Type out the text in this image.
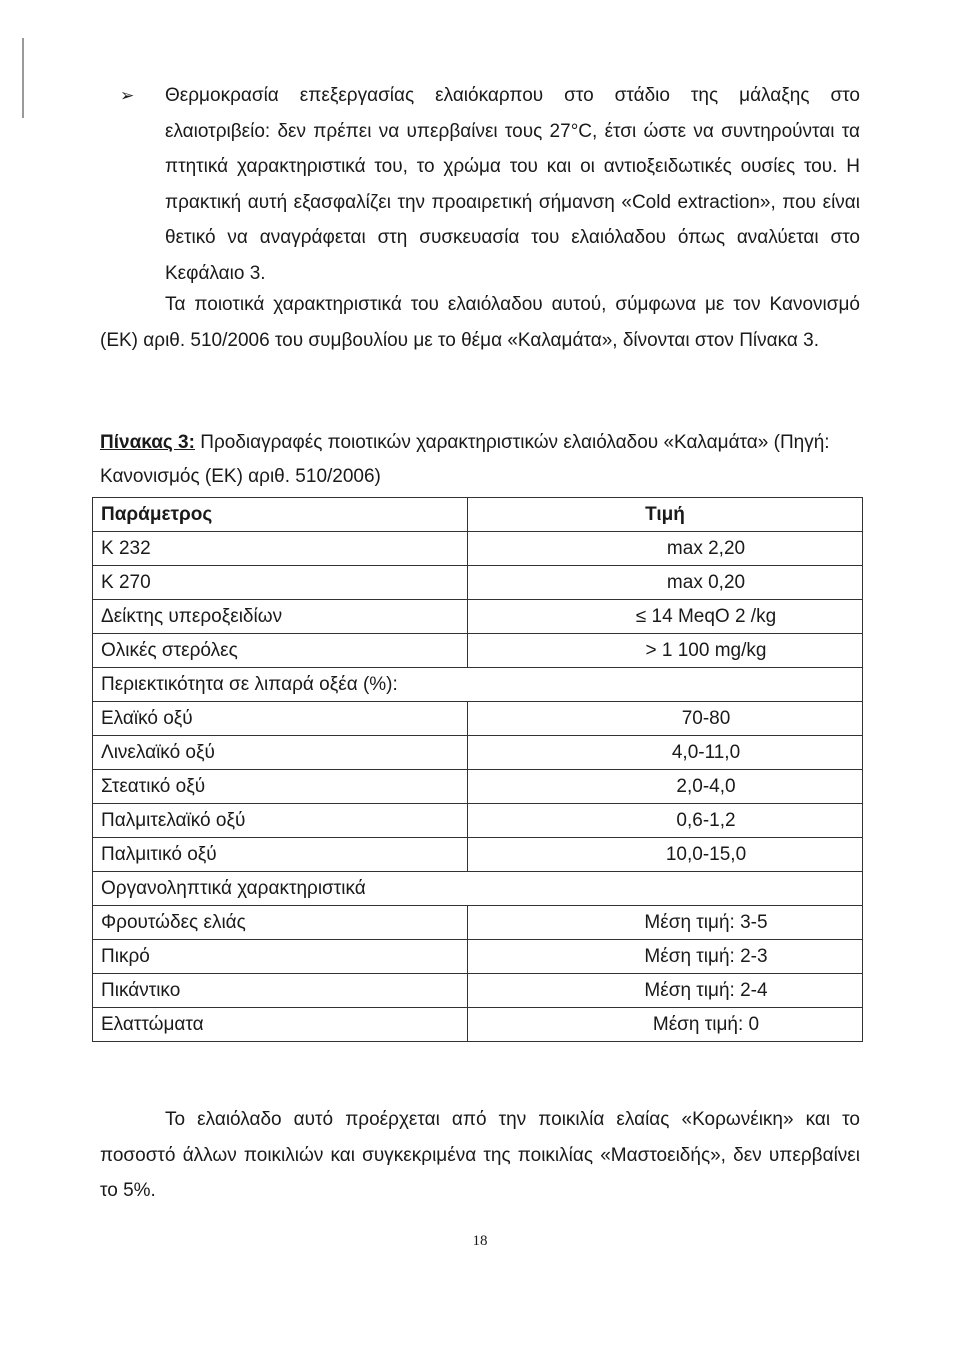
➢	Θερμοκρασία επεξεργασίας ελαιόκαρπου στο στάδιο της μάλαξης στο ελαιοτριβείο: δεν πρέπει να υπερβαίνει τους 27°C, έτσι ώστε να συντηρούνται τα πτητικά χαρακτηριστικά του, το χρώμα του και οι αντιοξειδωτικές ουσίες του. Η πρακτική αυτή εξασφαλίζει την προαιρετική σήμανση «Cold extraction», που είναι θετικό να αναγράφεται στη συσκευασία του ελαιόλαδου όπως αναλύεται στο Κεφάλαιο 3.
Τα ποιοτικά χαρακτηριστικά του ελαιόλαδου αυτού, σύμφωνα με τον Κανονισμό (ΕΚ) αριθ. 510/2006 του συμβουλίου με το θέμα «Καλαμάτα», δίνονται στον Πίνακα 3.
Πίνακας 3: Προδιαγραφές ποιοτικών χαρακτηριστικών ελαιόλαδου «Καλαμάτα» (Πηγή: Κανονισμός (ΕΚ) αριθ. 510/2006)
Παράμετρος	Τιμή
K 232	max 2,20
K 270	max 0,20
Δείκτης υπεροξειδίων	≤ 14 MeqO 2 /kg
Ολικές στερόλες	> 1 100 mg/kg
Περιεκτικότητα σε λιπαρά οξέα (%):	
Ελαϊκό οξύ	70-80
Λινελαϊκό οξύ	4,0-11,0
Στεατικό οξύ	2,0-4,0
Παλμιτελαϊκό οξύ	0,6-1,2
Παλμιτικό οξύ	10,0-15,0
Οργανοληπτικά χαρακτηριστικά	
Φρουτώδες ελιάς	Μέση τιμή: 3-5
Πικρό	Μέση τιμή: 2-3
Πικάντικο	Μέση τιμή: 2-4
Ελαττώματα	Μέση τιμή: 0
Το ελαιόλαδο αυτό προέρχεται από την ποικιλία ελαίας «Κορωνέικη» και το ποσοστό άλλων ποικιλιών και συγκεκριμένα της ποικιλίας «Μαστοειδής», δεν υπερβαίνει το 5%.
18
